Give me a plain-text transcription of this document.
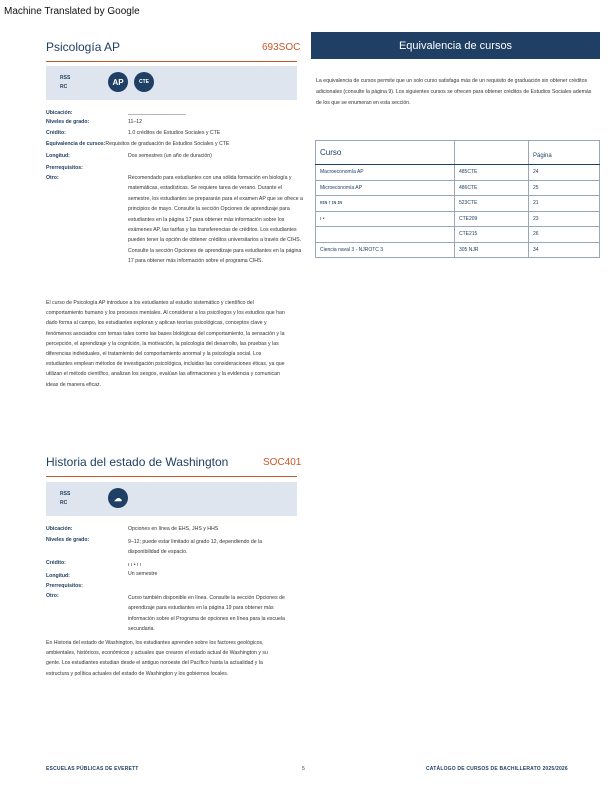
Machine Translated by Google
Psicología AP	693SOC
RSS
RC
AP	CTE
Ubicación:	____________________
Niveles de grado:	11–12
Crédito:	1.0 créditos de Estudios Sociales y CTE
Equivalencia de cursos:Requisitos de graduación de Estudios Sociales y CTE
Longitud:	Dos semestres (un año de duración)
Prerrequisitos:
Otro:	Recomendado para estudiantes con una sólida formación en biología y matemáticas, estadísticas. Se requiere tarea de verano. Durante el semestre, los estudiantes se prepararán para el examen AP que se ofrece a principios de mayo. Consulte la sección Opciones de aprendizaje para estudiantes en la página 17 para obtener más información sobre los exámenes AP, las tarifas y las transferencias de créditos. Los estudiantes pueden tener la opción de obtener créditos universitarios a través de CIHS. Consulte la sección Opciones de aprendizaje para estudiantes en la página 17 para obtener más información sobre el programa CIHS.
El curso de Psicología AP introduce a los estudiantes al estudio sistemático y científico del comportamiento humano y los procesos mentales. Al considerar a los psicólogos y los estudios que han dado forma al campo, los estudiantes exploran y aplican teorías psicológicas, conceptos clave y fenómenos asociados con temas tales como las bases biológicas del comportamiento, la sensación y la percepción, el aprendizaje y la cognición, la motivación, la psicología del desarrollo, las pruebas y las diferencias individuales, el tratamiento del comportamiento anormal y la psicología social. Los estudiantes emplean métodos de investigación psicológica, incluidas las consideraciones éticas, ya que utilizan el método científico, analizan los sesgos, evalúan las afirmaciones y la evidencia y comunican ideas de manera eficaz.
Equivalencia de cursos
La equivalencia de cursos permite que un solo curso satisfaga más de un requisito de graduación sin obtener créditos adicionales (consulte la página 9). Los siguientes cursos se ofrecen para obtener créditos de Estudios Sociales además de los que se enumeran en esta sección.
Curso		Página
Macroeconomía AP	485CTE	24
Microeconomía AP	486CTE	25
ʀɪɴ ɾ ɪɴ ɪɴ	523CTE	21
ı •	CTE209	23
	CTE215	26
Ciencia naval 3 - NJROTC 3	305 NJR	34
Historia del estado de Washington	SOC401
RSS
RC
☁
Ubicación:	Opciones en línea de EHS, JHS y HHS
Niveles de grado:	9–12; puede estar limitado al grado 12, dependiendo de la disponibilidad de espacio.
Crédito:	ı ı • ı ı
Longitud:	Un semestre
Prerrequisitos:
Otro:	Curso también disponible en línea. Consulte la sección Opciones de aprendizaje para estudiantes en la página 19 para obtener más información sobre el Programa de opciones en línea para la escuela secundaria.
En Historia del estado de Washington, los estudiantes aprenden sobre los factores geológicos, ambientales, históricos, económicos y actuales que crearon el estado actual de Washington y su gente. Los estudiantes estudian desde el antiguo noroeste del Pacífico hasta la actualidad y la estructura y política actuales del estado de Washington y los gobiernos locales.
ESCUELAS PÚBLICAS DE EVERETT	5	CATÁLOGO DE CURSOS DE BACHILLERATO 2025/2026
